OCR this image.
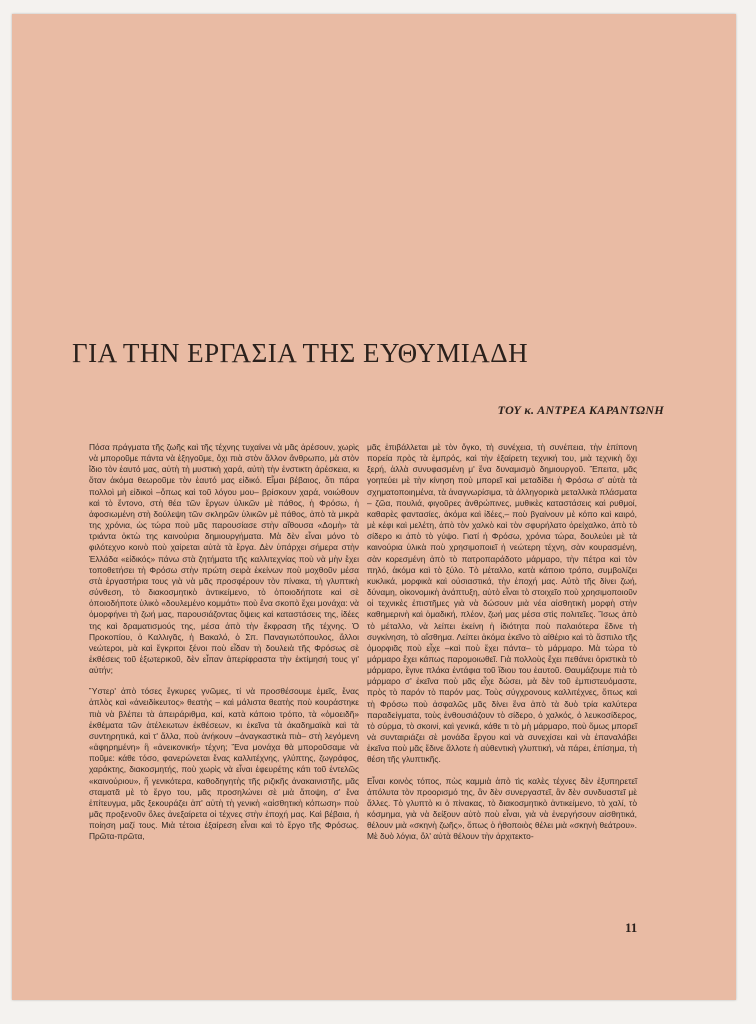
ΓΙΑ ΤΗΝ ΕΡΓΑΣΙΑ ΤΗΣ ΕΥΘΥΜΙΑΔΗ
ΤΟΥ κ. ΑΝΤΡΕΑ ΚΑΡΑΝΤΩΝΗ

Πόσα πράγματα τῆς ζωῆς καὶ τῆς τέχνης τυχαίνει νὰ μᾶς ἀρέσουν, χωρὶς νὰ μποροῦμε πάντα νὰ ἐξηγοῦμε, ὄχι πιὰ στὸν ἄλλον ἄνθρωπο, μὰ στὸν ἴδιο τὸν ἑαυτό μας, αὐτὴ τὴ μυστικὴ χαρά, αὐτὴ τὴν ἐνστικτη ἀρέσκεια, κι ὅταν ἀκόμα θεωροῦμε τὸν ἑαυτό μας εἰδικό. Εἶμαι βέβαιος, ὅτι πάρα πολλοὶ μὴ εἰδικοὶ –ὅπως καὶ τοῦ λόγου μου– βρίσκουν χαρά, νοιώθουν καὶ τὸ ἔντονο, στὴ θέα τῶν ἔργων ὑλικῶν μὲ πάθος, ἡ Φρόσω, ἡ ἀφοσιωμένη στὴ δούλεψη τῶν σκληρῶν ὑλικῶν μὲ πάθος, ἀπὸ τὰ μικρὰ της χρόνια, ὡς τώρα ποὺ μᾶς παρουσίασε στὴν αἴθουσα «Δομὴ» τὰ τριάντα ὀκτὼ της καινούρια δημιουργήματα. Μὰ δὲν εἶναι μόνο τὸ φιλότεχνο κοινὸ ποὺ χαίρεται αὐτὰ τὰ ἔργα. Δὲν ὑπάρχει σήμερα στὴν Ἑλλάδα «εἰδικός» πάνω στὰ ζητήματα τῆς καλλιτεχνίας ποὺ νὰ μὴν ἔχει τοποθετήσει τὴ Φρόσω στὴν πρώτη σειρὰ ἐκείνων ποὺ μοχθοῦν μέσα στὰ ἐργαστήρια τους γιὰ νὰ μᾶς προσφέρουν τὸν πίνακα, τὴ γλυπτικὴ σύνθεση, τὸ διακοσμητικὸ ἀντικείμενο, τὸ ὁποιοδήποτε καὶ σὲ ὁποιοδήποτε ὑλικὸ «δουλεμένο κομμάτι» ποὺ ἕνα σκοπὸ ἔχει μονάχα: νὰ ὀμορφήνει τὴ ζωή μας, παρουσιάζοντας ὄψεις καὶ καταστάσεις της, ἰδέες της καὶ δραματισμούς της, μέσα ἀπὸ τὴν ἔκφραση τῆς τέχνης. Ὁ Προκοπίου, ὁ Καλλιγᾶς, ἡ Βακαλό, ὁ Σπ. Παναγιωτόπουλος, ἄλλοι νεώτεροι, μὰ καὶ ἔγκριτοι ξένοι ποὺ εἶδαν τὴ δουλειὰ τῆς Φρόσως σὲ ἐκθέσεις τοῦ ἐξωτερικοῦ, δὲν εἶπαν ἀπερίφραστα τὴν ἐκτίμησή τους γι' αὐτήν;

Ὕστερ' ἀπὸ τόσες ἔγκυρες γνῶμες, τί νὰ προσθέσουμε ἐμεῖς, ἕνας ἁπλὸς καὶ «ἀνειδίκευτος» θεατὴς – καὶ μάλιστα θεατὴς ποὺ κουράστηκε πιὰ νὰ βλέπει τὰ ἀπειράριθμα, καί, κατὰ κάποιο τρόπο, τὰ «ὁμοειδῆ» ἐκθέματα τῶν ἀτέλειωτων ἐκθέσεων, κι ἐκεῖνα τὰ ἀκαδημαϊκὰ καὶ τὰ συντηρητικά, καὶ τ' ἄλλα, ποὺ ἀνήκουν –ἀναγκαστικὰ πιὰ– στὴ λεγόμενη «ἀφηρημένη» ἢ «ἀνεικονική» τέχνη; Ἕνα μονάχα θὰ μποροῦσαμε νὰ ποῦμε: κάθε τόσο, φανερώνεται ἕνας καλλιτέχνης, γλύπτης, ζωγράφος, χαράκτης, διακοσμητής, ποὺ χωρὶς νὰ εἶναι ἐφευρέτης κάτι τοῦ ἐντελῶς «καινούριου», ἤ γενικότερα, καθοδηγητὴς τῆς ριζικῆς ἀνακαινιστῆς, μᾶς σταματᾶ μὲ τὸ ἔργο του, μᾶς προσηλώνει σὲ μιὰ ἄποψη, σ' ἕνα ἐπίτευγμα, μᾶς ξεκουράζει ἀπ' αὐτὴ τὴ γενικὴ «αἰσθητικὴ κόπωση» ποὺ μᾶς προξενοῦν ὅλες ἀνεξαίρετα οἱ τέχνες στὴν ἐποχή μας. Καὶ βέβαια, ἡ ποίηση μαζί τους. Μιὰ τέτοια ἐξαίρεση εἶναι καὶ τὸ ἔργο τῆς Φρόσως. Πρῶτα-πρῶτα,

μᾶς ἐπιβάλλεται μὲ τὸν ὄγκο, τὴ συνέχεια, τὴ συνέπεια, τὴν ἐπίπονη πορεία πρὸς τὰ ἐμπρός, καὶ τὴν ἐξαίρετη τεχνική του, μιὰ τεχνικὴ ὄχι ξερή, ἀλλὰ συνυφασμένη μ' ἕνα δυναμισμὸ δημιουργοῦ. Ἔπειτα, μᾶς γοητεύει μὲ τὴν κίνηση ποὺ μπορεῖ καὶ μεταδίδει ἡ Φρόσω σ' αὐτὰ τὰ σχηματοποιημένα, τὰ ἀναγνωρίσιμα, τὰ ἀλληγορικὰ μεταλλικὰ πλάσματα – ζῶα, πουλιά, φιγοῦρες ἀνθρώπινες, μυθικὲς καταστάσεις καὶ ρυθμοί, καθαρὲς φαντασίες, ἀκόμα καὶ ἰδέες,– ποὺ βγαίνουν μὲ κόπο καὶ καιρό, μὲ κέφι καὶ μελέτη, ἀπὸ τὸν χαλκὸ καὶ τὸν σφυρήλατο ὀρείχαλκο, ἀπὸ τὸ σίδερο κι ἀπὸ τὸ γύψο. Γιατί ἡ Φρόσω, χρόνια τώρα, δουλεύει μὲ τὰ καινούρια ὑλικὰ ποὺ χρησιμοποιεῖ ἡ νεώτερη τέχνη, σὰν κουρασμένη, σὰν κορεσμένη ἀπὸ τὸ πατροπαράδοτο μάρμαρο, τὴν πέτρα καὶ τὸν πηλό, ἀκόμα καὶ τὸ ξύλο. Τὸ μέταλλο, κατὰ κάποιο τρόπο, συμβολίζει κυκλικά, μορφικὰ καὶ οὐσιαστικά, τὴν ἐποχή μας. Αὐτὸ τῆς δίνει ζωή, δύναμη, οἰκονομικὴ ἀνάπτυξη, αὐτὸ εἶναι τὸ στοιχεῖο ποὺ χρησιμοποιοῦν οἱ τεχνικὲς ἐπιστῆμες γιὰ νὰ δώσουν μιὰ νέα αἰσθητικὴ μορφὴ στὴν καθημερινὴ καὶ ὁμαδική, πλέον, ζωή μας μέσα στὶς πολιτεῖες. Ἴσως ἀπὸ τὸ μέταλλο, νὰ λείπει ἐκείνη ἡ ἰδιότητα ποὺ παλαιότερα ἔδινε τὴ συγκίνηση, τὸ αἴσθημα. Λείπει ἀκόμα ἐκεῖνο τὸ αἰθέριο καὶ τὸ ἄσπιλο τῆς ὀμορφιᾶς ποὺ εἶχε –καὶ ποὺ ἔχει πάντα– τὸ μάρμαρο. Μὰ τώρα τὸ μάρμαρο ἔχει κάπως παρομοιωθεῖ. Γιὰ πολλοὺς ἔχει πεθάνει ὁριστικὰ τὸ μάρμαρο, ἔγινε πλάκα ἐντάφια τοῦ ἴδιου του ἑαυτοῦ. Θαυμάζουμε πιὰ τὸ μάρμαρο σ' ἐκεῖνα ποὺ μᾶς εἶχε δώσει, μὰ δὲν τοῦ ἐμπιστευόμαστε, πρὸς τὸ παρόν τὸ παρόν μας. Τοὺς σύγχρονους καλλιτέχνες, ὅπως καὶ τὴ Φρόσω ποὺ ἀσφαλῶς μᾶς δίνει ἕνα ἀπὸ τὰ δυὸ τρία καλύτερα παραδείγματα, τοὺς ἐνθουσιάζουν τὸ σίδερο, ὁ χαλκός, ὁ λευκοσίδερος, τὸ σύρμα, τὸ σκοινί, καὶ γενικά, κάθε τι τὸ μὴ μάρμαρο, ποὺ ὅμως μπορεῖ νὰ συνταιριάζει σὲ μονάδα ἔργου καὶ νὰ συνεχίσει καὶ νὰ ἐπαναλάβει ἐκεῖνα ποὺ μᾶς ἔδινε ἄλλοτε ἡ αὐθεντικὴ γλυπτική, νὰ πάρει, ἐπίσημα, τὴ θέση τῆς γλυπτικῆς.

Εἶναι κοινὸς τόπος, πὼς καμμιὰ ἀπὸ τὶς καλὲς τέχνες δὲν ἐξυπηρετεῖ ἀπόλυτα τὸν προορισμό της, ἂν δὲν συνεργαστεῖ, ἂν δὲν συνδυαστεῖ μὲ ἄλλες. Τὸ γλυπτὸ κι ὁ πίνακας, τὸ διακοσμητικὸ ἀντικείμενο, τὸ χαλί, τὸ κόσμημα, γιὰ νὰ δείξουν αὐτὸ ποὺ εἶναι, γιὰ νὰ ἐνεργήσουν αἰσθητικά, θέλουν μιὰ «σκηνὴ ζωῆς», ὅπως ὁ ἠθοποιὸς θέλει μιὰ «σκηνὴ θεάτρου». Μὲ δυὸ λόγια, ὅλ' αὐτὰ θέλουν τὴν ἀρχιτεκτο-

11
